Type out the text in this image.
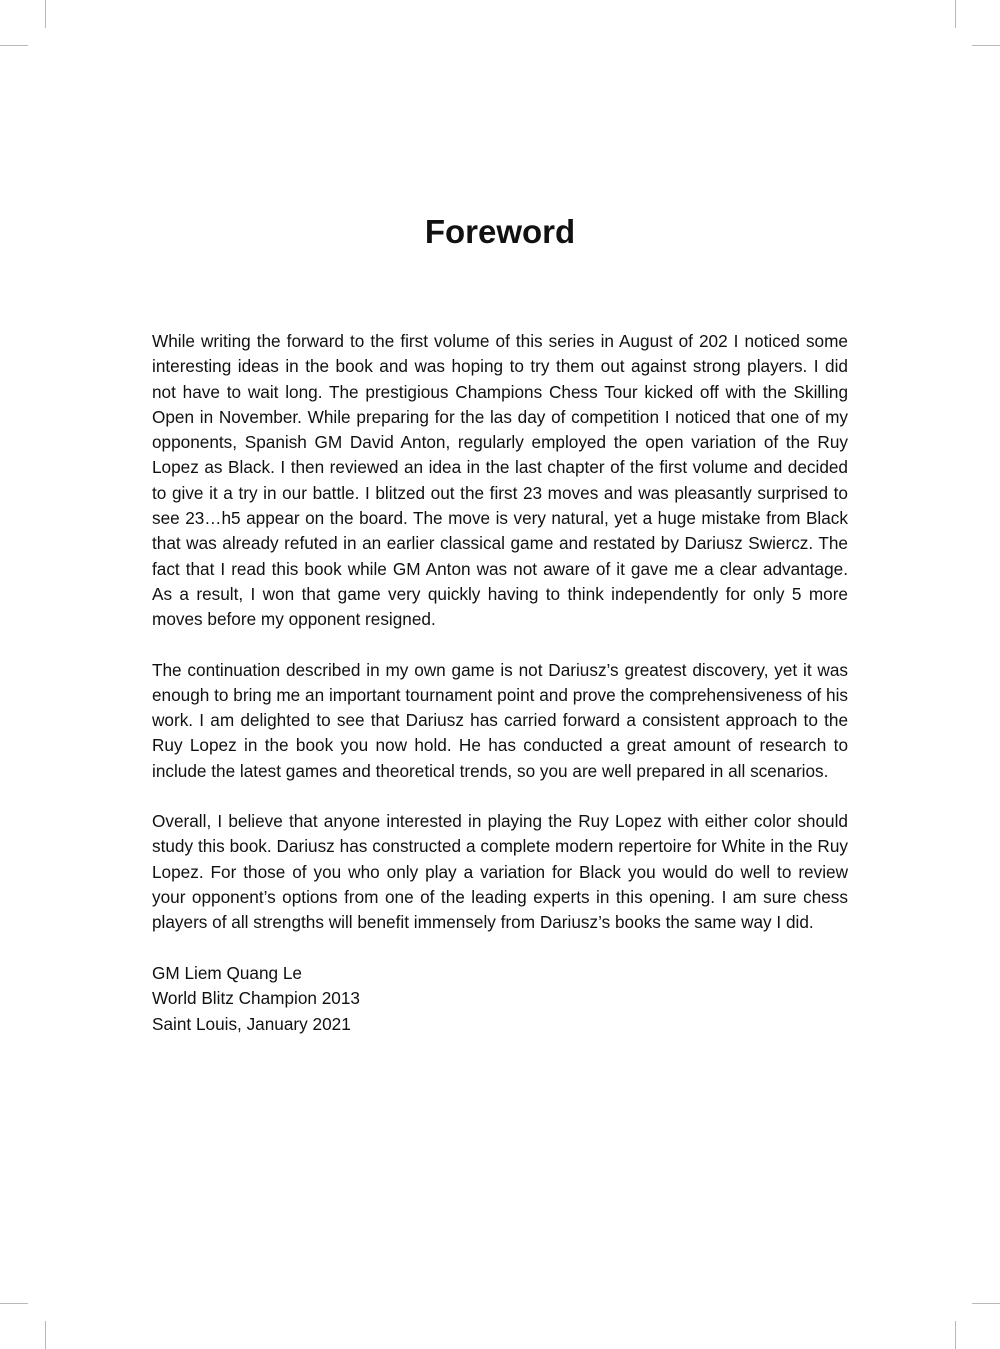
Foreword

While writing the forward to the first volume of this series in August of 202 I noticed some interesting ideas in the book and was hoping to try them out against strong players. I did not have to wait long. The prestigious Champions Chess Tour kicked off with the Skilling Open in November. While preparing for the las day of competition I noticed that one of my opponents, Spanish GM David Anton, regularly employed the open variation of the Ruy Lopez as Black. I then reviewed an idea in the last chapter of the first volume and decided to give it a try in our battle. I blitzed out the first 23 moves and was pleasantly surprised to see 23…h5 appear on the board. The move is very natural, yet a huge mistake from Black that was already refuted in an earlier classical game and restated by Dariusz Swiercz. The fact that I read this book while GM Anton was not aware of it gave me a clear advantage. As a result, I won that game very quickly having to think independently for only 5 more moves before my opponent resigned.

The continuation described in my own game is not Dariusz’s greatest discovery, yet it was enough to bring me an important tournament point and prove the comprehensiveness of his work. I am delighted to see that Dariusz has carried forward a consistent approach to the Ruy Lopez in the book you now hold. He has conducted a great amount of research to include the latest games and theoretical trends, so you are well prepared in all scenarios.

Overall, I believe that anyone interested in playing the Ruy Lopez with either color should study this book. Dariusz has constructed a complete modern repertoire for White in the Ruy Lopez. For those of you who only play a variation for Black you would do well to review your opponent’s options from one of the leading experts in this opening. I am sure chess players of all strengths will benefit immensely from Dariusz’s books the same way I did.

GM Liem Quang Le
World Blitz Champion 2013
Saint Louis, January 2021
